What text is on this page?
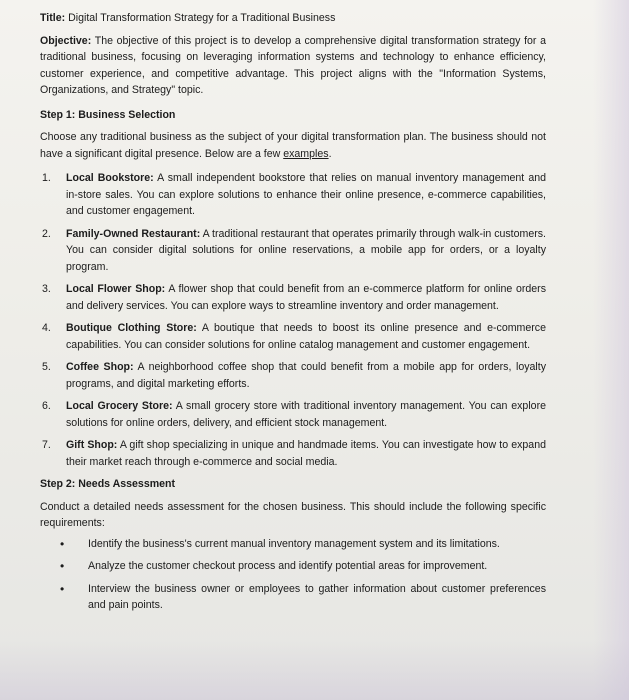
Title: Digital Transformation Strategy for a Traditional Business

Objective: The objective of this project is to develop a comprehensive digital transformation strategy for a traditional business, focusing on leveraging information systems and technology to enhance efficiency, customer experience, and competitive advantage. This project aligns with the "Information Systems, Organizations, and Strategy" topic.

Step 1: Business Selection

Choose any traditional business as the subject of your digital transformation plan. The business should not have a significant digital presence. Below are a few examples.

1.	Local Bookstore: A small independent bookstore that relies on manual inventory management and in-store sales. You can explore solutions to enhance their online presence, e-commerce capabilities, and customer engagement.
2.	Family-Owned Restaurant: A traditional restaurant that operates primarily through walk-in customers. You can consider digital solutions for online reservations, a mobile app for orders, or a loyalty program.
3.	Local Flower Shop: A flower shop that could benefit from an e-commerce platform for online orders and delivery services. You can explore ways to streamline inventory and order management.
4.	Boutique Clothing Store: A boutique that needs to boost its online presence and e-commerce capabilities. You can consider solutions for online catalog management and customer engagement.
5.	Coffee Shop: A neighborhood coffee shop that could benefit from a mobile app for orders, loyalty programs, and digital marketing efforts.
6.	Local Grocery Store: A small grocery store with traditional inventory management. You can explore solutions for online orders, delivery, and efficient stock management.
7.	Gift Shop: A gift shop specializing in unique and handmade items. You can investigate how to expand their market reach through e-commerce and social media.

Step 2: Needs Assessment

Conduct a detailed needs assessment for the chosen business. This should include the following specific requirements:

•	Identify the business's current manual inventory management system and its limitations.
•	Analyze the customer checkout process and identify potential areas for improvement.
•	Interview the business owner or employees to gather information about customer preferences and pain points.
